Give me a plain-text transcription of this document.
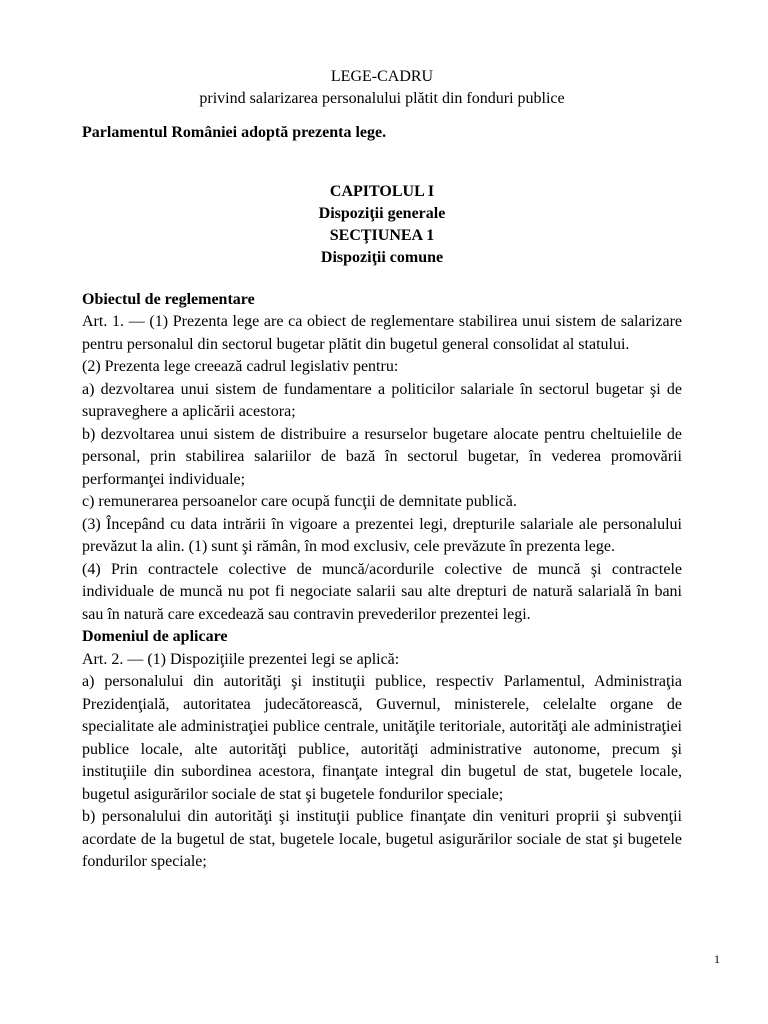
LEGE-CADRU
privind salarizarea personalului plătit din fonduri publice
Parlamentul României adoptă prezenta lege.
CAPITOLUL I
Dispoziţii generale
SECŢIUNEA 1
Dispoziţii comune
Obiectul de reglementare

Art. 1. — (1) Prezenta lege are ca obiect de reglementare stabilirea unui sistem de salarizare pentru personalul din sectorul bugetar plătit din bugetul general consolidat al statului.

(2) Prezenta lege creează cadrul legislativ pentru:

a) dezvoltarea unui sistem de fundamentare a politicilor salariale în sectorul bugetar şi de supraveghere a aplicării acestora;

b) dezvoltarea unui sistem de distribuire a resurselor bugetare alocate pentru cheltuielile de personal, prin stabilirea salariilor de bază în sectorul bugetar, în vederea promovării performanţei individuale;

c) remunerarea persoanelor care ocupă funcţii de demnitate publică.

(3) Începând cu data intrării în vigoare a prezentei legi, drepturile salariale ale personalului prevăzut la alin. (1) sunt şi rămân, în mod exclusiv, cele prevăzute în prezenta lege.

(4) Prin contractele colective de muncă/acordurile colective de muncă şi contractele individuale de muncă nu pot fi negociate salarii sau alte drepturi de natură salarială în bani sau în natură care excedează sau contravin prevederilor prezentei legi.

Domeniul de aplicare

Art. 2. — (1) Dispoziţiile prezentei legi se aplică:

a) personalului din autorităţi şi instituţii publice, respectiv Parlamentul, Administraţia Prezidenţială, autoritatea judecătorească, Guvernul, ministerele, celelalte organe de specialitate ale administraţiei publice centrale, unităţile teritoriale, autorităţi ale administraţiei publice locale, alte autorităţi publice, autorităţi administrative autonome, precum şi instituţiile din subordinea acestora, finanţate integral din bugetul de stat, bugetele locale, bugetul asigurărilor sociale de stat şi bugetele fondurilor speciale;

b) personalului din autorităţi şi instituţii publice finanţate din venituri proprii şi subvenţii acordate de la bugetul de stat, bugetele locale, bugetul asigurărilor sociale de stat şi bugetele fondurilor speciale;

1
